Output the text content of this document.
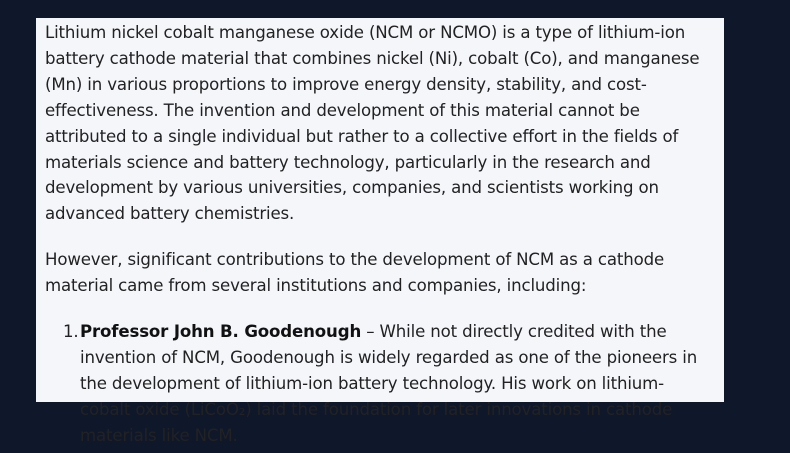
Lithium nickel cobalt manganese oxide (NCM or NCMO) is a type of lithium-ion battery cathode material that combines nickel (Ni), cobalt (Co), and manganese (Mn) in various proportions to improve energy density, stability, and cost-effectiveness. The invention and development of this material cannot be attributed to a single individual but rather to a collective effort in the fields of materials science and battery technology, particularly in the research and development by various universities, companies, and scientists working on advanced battery chemistries.

However, significant contributions to the development of NCM as a cathode material came from several institutions and companies, including:

1. Professor John B. Goodenough – While not directly credited with the invention of NCM, Goodenough is widely regarded as one of the pioneers in the development of lithium-ion battery technology. His work on lithium-cobalt oxide (LiCoO₂) laid the foundation for later innovations in cathode materials like NCM.
